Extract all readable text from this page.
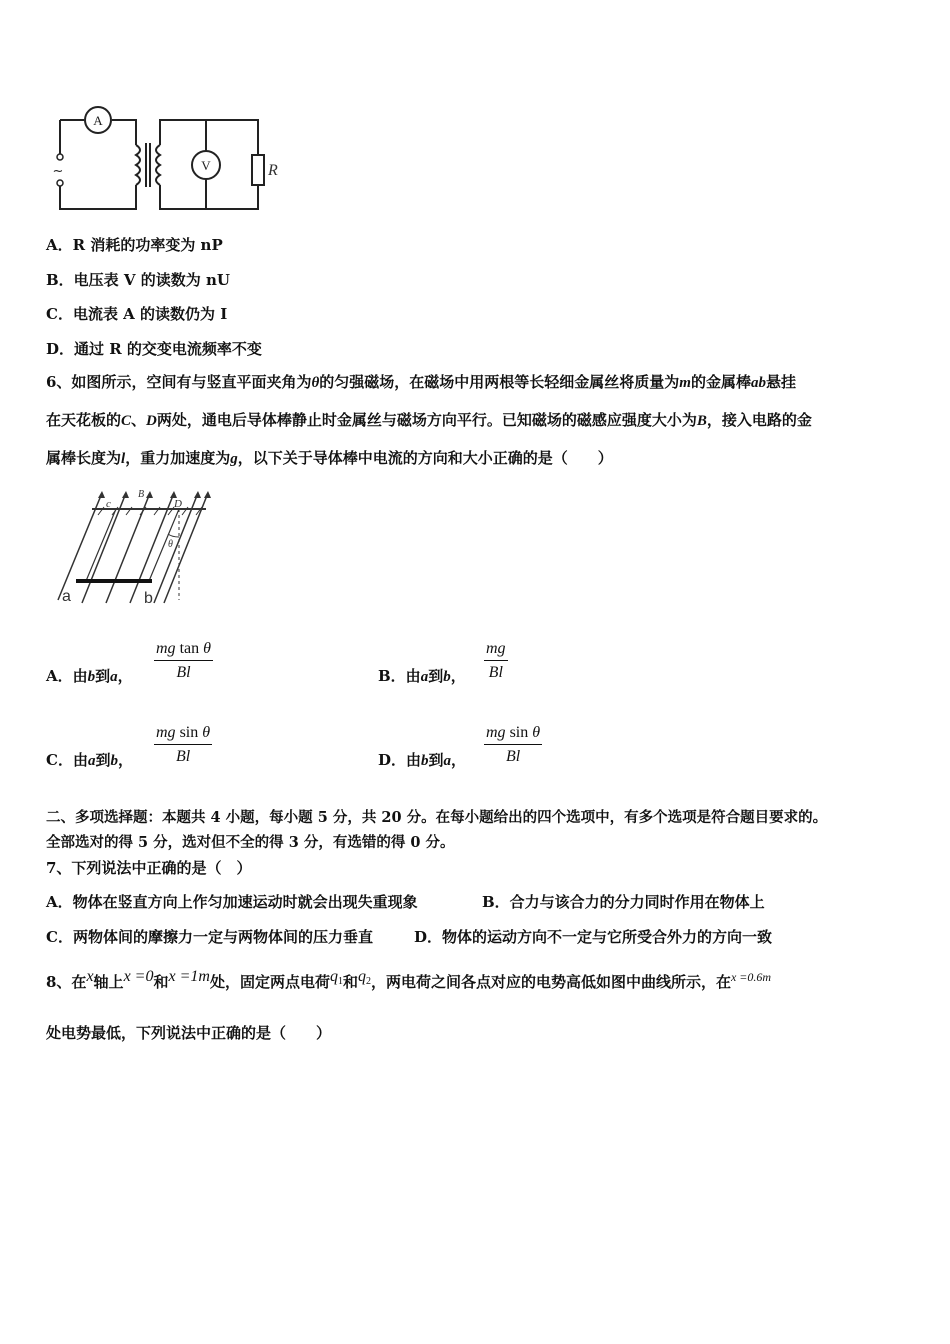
A
~	V	R
A．R 消耗的功率变为 nP
B．电压表 V 的读数为 nU
C．电流表 A 的读数仍为 I
D．通过 R 的交变电流频率不变
6、如图所示，空间有与竖直平面夹角为θ的匀强磁场，在磁场中用两根等长轻细金属丝将质量为m的金属棒ab悬挂
在天花板的C、D两处，通电后导体棒静止时金属丝与磁场方向平行。已知磁场的磁感应强度大小为B，接入电路的金
属棒长度为l，重力加速度为g，以下关于导体棒中电流的方向和大小正确的是（　　）
c
B
D
θ
a	b
A．由b到a， $\frac{\text{mg tan θ}}{Bl}$	B．由a到b， $\frac{mg}{Bl}$
C．由a到b， $\frac{\text{mg sin θ}}{Bl}$	D．由b到a， $\frac{\text{mg sin θ}}{Bl}$
二、多项选择题：本题共 4 小题，每小题 5 分，共 20 分。在每小题给出的四个选项中，有多个选项是符合题目要求的。
全部选对的得 5 分，选对但不全的得 3 分，有选错的得 0 分。
7、下列说法中正确的是（　）
A．物体在竖直方向上作匀加速运动时就会出现失重现象	B．合力与该合力的分力同时作用在物体上
C．两物体间的摩擦力一定与两物体间的压力垂直	D．物体的运动方向不一定与它所受合外力的方向一致
8、在x轴上x =0和x =1m处，固定两点电荷$q_1$和$q_2$，两电荷之间各点对应的电势高低如图中曲线所示，在$^{x =0.6m}$
处电势最低，下列说法中正确的是（　　）
